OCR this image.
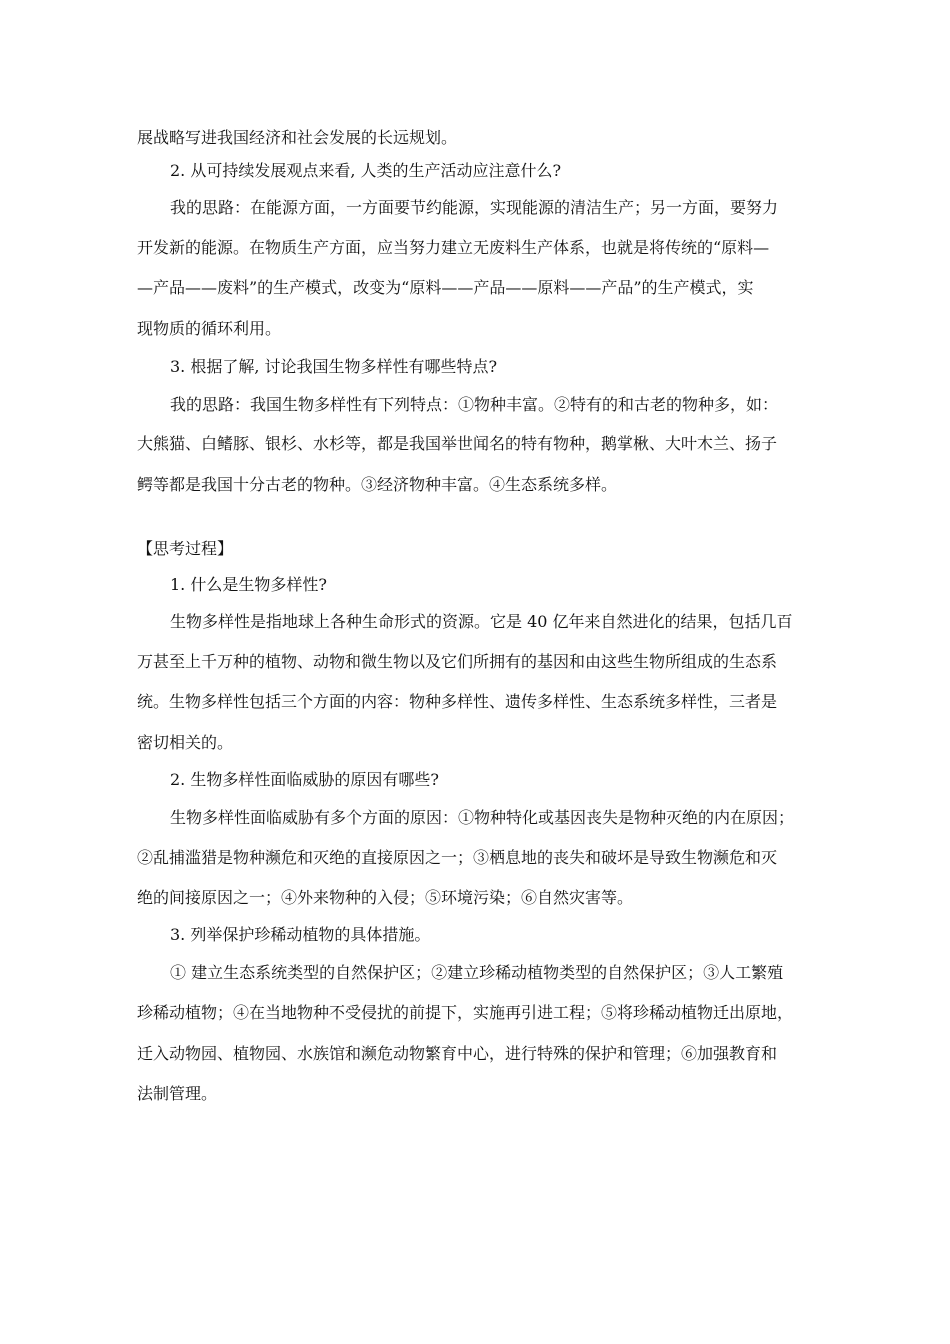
展战略写进我国经济和社会发展的长远规划。
2. 从可持续发展观点来看, 人类的生产活动应注意什么?
我的思路：在能源方面，一方面要节约能源，实现能源的清洁生产；另一方面，要努力
开发新的能源。在物质生产方面，应当努力建立无废料生产体系，也就是将传统的“原料—
—产品——废料”的生产模式，改变为“原料——产品——原料——产品”的生产模式，实
现物质的循环利用。
3. 根据了解, 讨论我国生物多样性有哪些特点?
我的思路：我国生物多样性有下列特点：①物种丰富。②特有的和古老的物种多，如：
大熊猫、白鳍豚、银杉、水杉等，都是我国举世闻名的特有物种，鹅掌楸、大叶木兰、扬子
鳄等都是我国十分古老的物种。③经济物种丰富。④生态系统多样。
【思考过程】
1. 什么是生物多样性?
生物多样性是指地球上各种生命形式的资源。它是 40 亿年来自然进化的结果，包括几百
万甚至上千万种的植物、动物和微生物以及它们所拥有的基因和由这些生物所组成的生态系
统。生物多样性包括三个方面的内容：物种多样性、遗传多样性、生态系统多样性，三者是
密切相关的。
2. 生物多样性面临威胁的原因有哪些?
生物多样性面临威胁有多个方面的原因：①物种特化或基因丧失是物种灭绝的内在原因；
②乱捕滥猎是物种濒危和灭绝的直接原因之一；③栖息地的丧失和破坏是导致生物濒危和灭
绝的间接原因之一；④外来物种的入侵；⑤环境污染；⑥自然灾害等。
3. 列举保护珍稀动植物的具体措施。
① 建立生态系统类型的自然保护区；②建立珍稀动植物类型的自然保护区；③人工繁殖
珍稀动植物；④在当地物种不受侵扰的前提下，实施再引进工程；⑤将珍稀动植物迁出原地，
迁入动物园、植物园、水族馆和濒危动物繁育中心，进行特殊的保护和管理；⑥加强教育和
法制管理。
